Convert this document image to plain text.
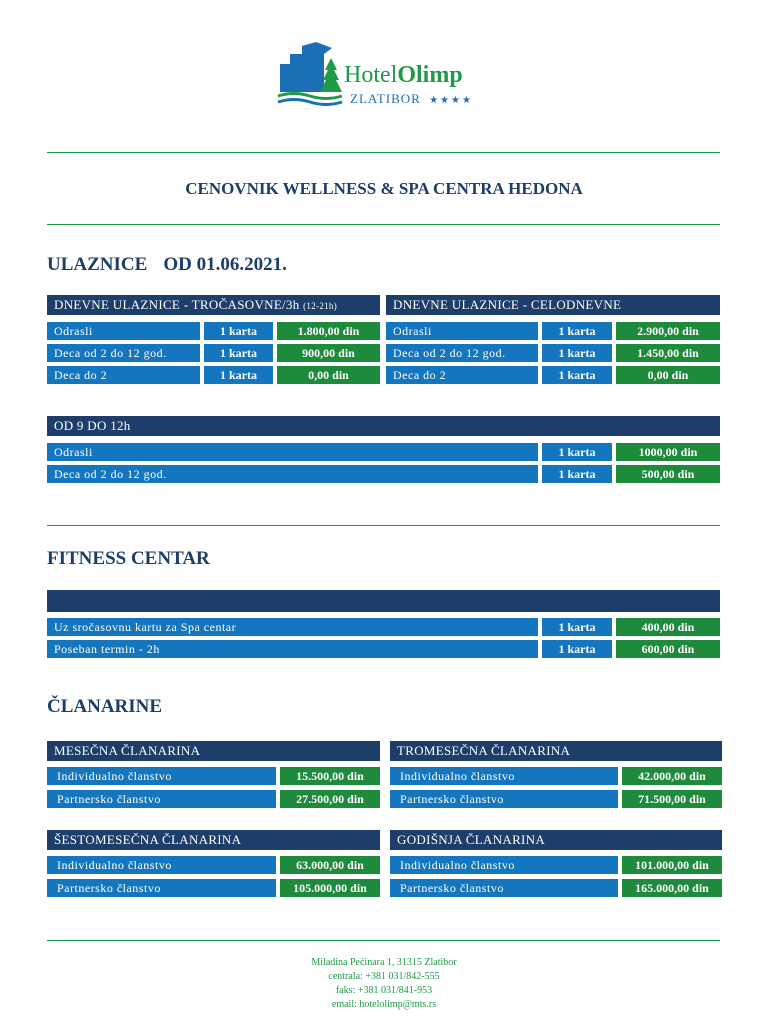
HotelOlimp
ZLATIBOR ★★★★
CENOVNIK WELLNESS & SPA CENTRA HEDONA
ULAZNICE OD 01.06.2021.
DNEVNE ULAZNICE - TROČASOVNE/3h (12-21h)
Odrasli	1 karta	1.800,00 din
Deca od 2 do 12 god.	1 karta	900,00 din
Deca do 2	1 karta	0,00 din
DNEVNE ULAZNICE - CELODNEVNE
Odrasli	1 karta	2.900,00 din
Deca od 2 do 12 god.	1 karta	1.450,00 din
Deca do 2	1 karta	0,00 din
OD 9 DO 12h
Odrasli	1 karta	1000,00 din
Deca od 2 do 12 god.	1 karta	500,00 din
FITNESS CENTAR
Uz sročasovnu kartu za Spa centar	1 karta	400,00 din
Poseban termin - 2h	1 karta	600,00 din
ČLANARINE
MESEČNA ČLANARINA
Individualno članstvo	15.500,00 din
Partnersko članstvo	27.500,00 din
TROMESEČNA ČLANARINA
Individualno članstvo	42.000,00 din
Partnersko članstvo	71.500,00 din
ŠESTOMESEČNA ČLANARINA
Individualno članstvo	63.000,00 din
Partnersko članstvo	105.000,00 din
GODIŠNJA ČLANARINA
Individualno članstvo	101.000,00 din
Partnersko članstvo	165.000,00 din
Miladina Pećinara 1, 31315 Zlatibor
centrala: +381 031/842-555
faks: +381 031/841-953
email: hotelolimp@mts.rs
